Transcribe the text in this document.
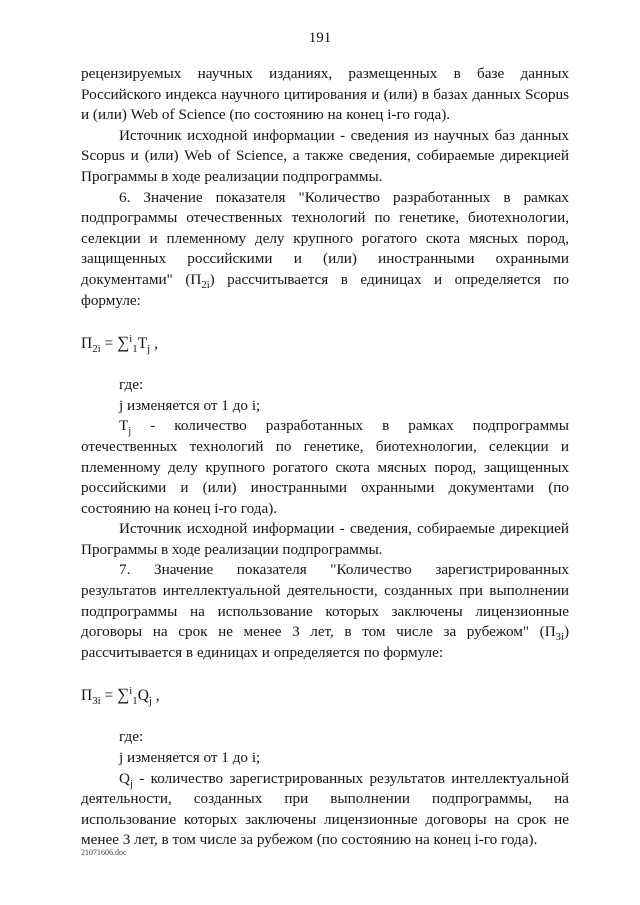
191

рецензируемых научных изданиях, размещенных в базе данных Российского индекса научного цитирования и (или) в базах данных Scopus и (или) Web of Science (по состоянию на конец i-го года).

Источник исходной информации - сведения из научных баз данных Scopus и (или) Web of Science, а также сведения, собираемые дирекцией Программы в ходе реализации подпрограммы.

6. Значение показателя "Количество разработанных в рамках подпрограммы отечественных технологий по генетике, биотехнологии, селекции и племенному делу крупного рогатого скота мясных пород, защищенных российскими и (или) иностранными охранными документами" $(П_{2i})$ рассчитывается в единицах и определяется по формуле:

$П_{2i} = \sum^i_1T_j$ ,

где:

j изменяется от 1 до i;

$T_j$ - количество разработанных в рамках подпрограммы отечественных технологий по генетике, биотехнологии, селекции и племенному делу крупного рогатого скота мясных пород, защищенных российскими и (или) иностранными охранными документами (по состоянию на конец i-го года).

Источник исходной информации - сведения, собираемые дирекцией Программы в ходе реализации подпрограммы.

7. Значение показателя "Количество зарегистрированных результатов интеллектуальной деятельности, созданных при выполнении подпрограммы на использование которых заключены лицензионные договоры на срок не менее 3 лет, в том числе за рубежом" $(П_{3i})$ рассчитывается в единицах и определяется по формуле:

$П_{3i} = \sum^i_1Q_j$ ,

где:

j изменяется от 1 до i;

$Q_j$ - количество зарегистрированных результатов интеллектуальной деятельности, созданных при выполнении подпрограммы, на использование которых заключены лицензионные договоры на срок не менее 3 лет, в том числе за рубежом (по состоянию на конец i-го года).

21071606.doc
